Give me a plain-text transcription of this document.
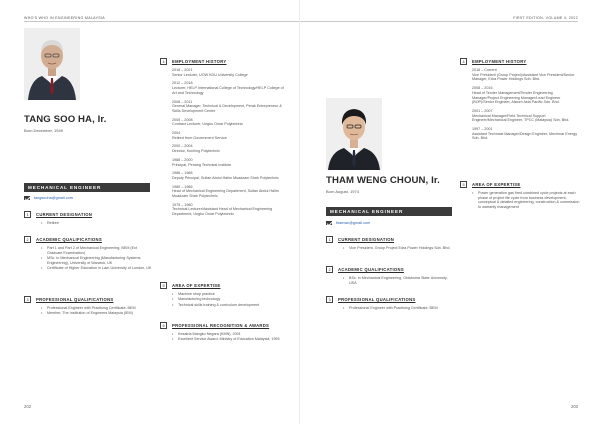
WHO'S WHO IN ENGINEERING MALAYSIA
TANG SOO HA, Ir.
Born December, 1949
MECHANICAL ENGINEER
tangsooha@gmail.com
1	CURRENT DESIGNATION
• Retiree
2	ACADEMIC QUALIFICATIONS
• Part 1 and Part 2 of Mechanical Engineering, BEM (Ext Graduate Examination)
• MSc. in Mechanical Engineering (Manufacturing Systems Engineering), University of Warwick, UK
• Certificate of Higher Education in Law, University of London, UK
3	PROFESSIONAL QUALIFICATIONS
• Professional Engineer with Practising Certificate, BEM
• Member, The Institution of Engineers Malaysia (IEM)
4	EMPLOYMENT HISTORY
2018 – 2021
Senior Lecturer, UOW KDU University College
2012 – 2018
Lecturer, HELP International College of Technology/HELP College of Art and Technology
2008 – 2011
General Manager, Technical & Development, Perak Entrepreneur & Skills Development Centre
2005 – 2008
Contract Lecturer, Ungku Omar Polytechnic
2004
Retired from Government Service
2000 – 2004
Director, Kuching Polytechnic
1988 – 2000
Principal, Penang Technical Institute
1986 – 1988
Deputy Principal, Sultan Abdul Halim Muadzam Shah Polytechnic
1980 – 1986
Head of Mechanical Engineering Department, Sultan Abdul Halim Muadzam Shah Polytechnic
1975 – 1980
Technical Lecturer/Assistant Head of Mechanical Engineering Department, Ungku Omar Polytechnic
5	AREA OF EXPERTISE
• Machine shop practice
• Manufacturing technology
• Technical skills training & curriculum development
6	PROFESSIONAL RECOGNITION & AWARDS
• Kesatria Mangku Negara (KMN), 2001
• Excellent Service Award, Ministry of Education Malaysia, 1993
202
FIRST EDITION, VOLUME 4, 2022
THAM WENG CHOUN, Ir.
Born August, 1974
MECHANICAL ENGINEER
thamwc@gmail.com
1	CURRENT DESIGNATION
• Vice President, Group Project Edra Power Holdings Sdn. Bhd.
2	ACADEMIC QUALIFICATIONS
• BSc. in Mechanical Engineering, Oklahoma State University, USA
3	PROFESSIONAL QUALIFICATIONS
• Professional Engineer with Practising Certificate, BEM
4	EMPLOYMENT HISTORY
2016 – Current
Vice President (Group Project)/Assistant Vice President/Senior Manager, Edra Power Holdings Sdn. Bhd.
2008 – 2016
Head of Tender Management/Tender Engineering Manager/Project Engineering Manager/Lead Engineer (BOP)/Senior Engineer, Alstom Asia Pacific Sdn. Bhd.
2001 – 2007
Mechanical Manager/Field Technical Support Engineer/Mechanical Engineer, TPCC (Malaysia) Sdn. Bhd.
1997 – 2001
Assistant Technical Manager/Design Engineer, Mechmar Energy Sdn. Bhd.
5	AREA OF EXPERTISE
• Power generation gas fired combined cycle projects at each phase of project life cycle from business development, conceptual & detailed engineering, construction & commission to warranty management
203
